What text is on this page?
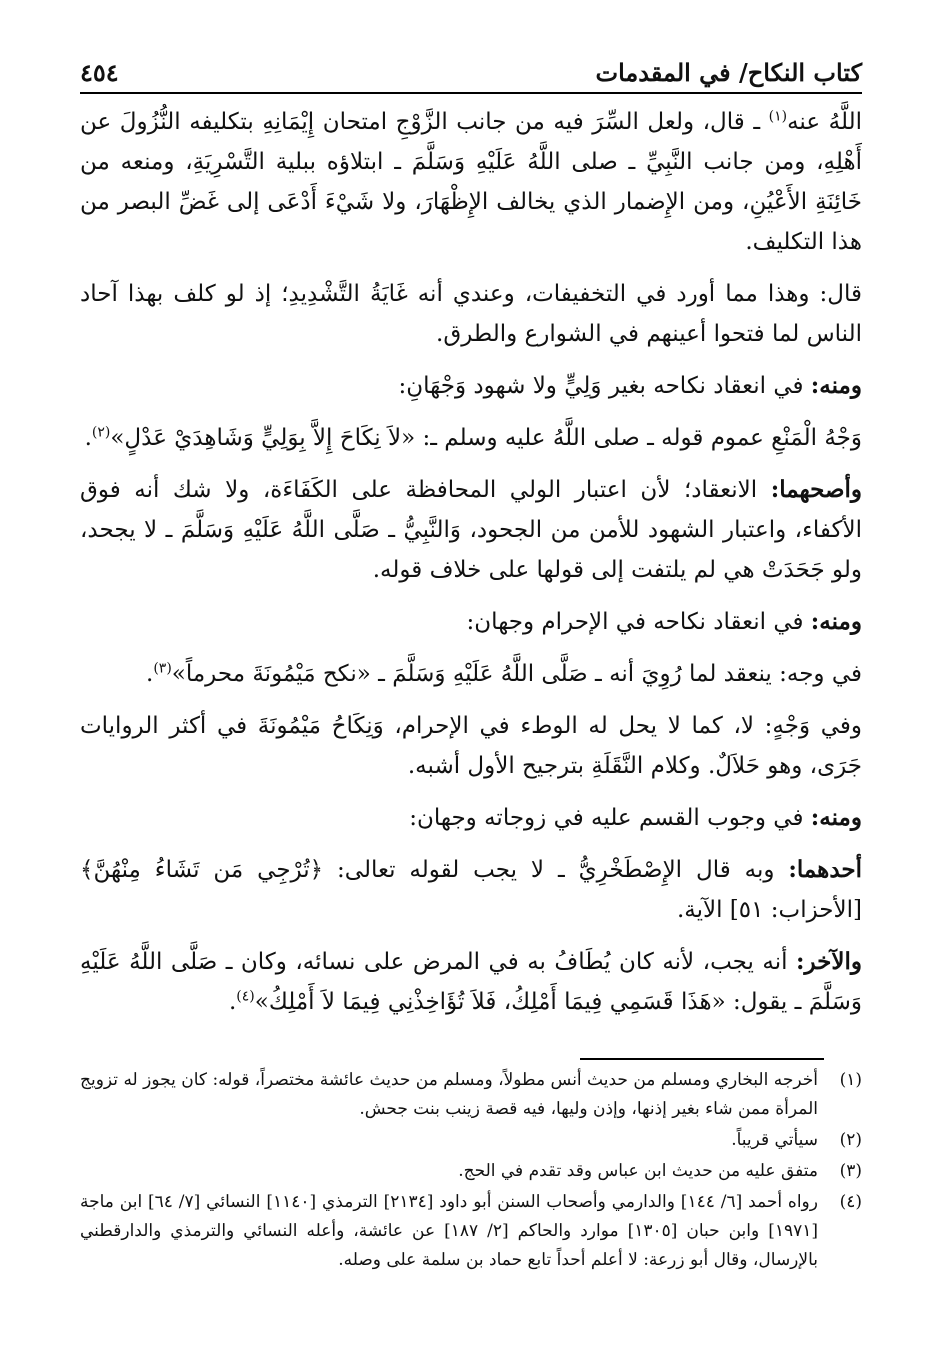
كتاب النكاح/ في المقدمات
٤٥٤

اللَّهُ عنه$^{(١)}$ ـ قال، ولعل السِّرَ فيه من جانب الزَّوْجِ امتحان إِيْمَانِهِ بتكليفه النُّزُولَ عن أَهْلِهِ، ومن جانب النَّبِيِّ ـ صلى اللَّهُ عَلَيْهِ وَسَلَّمَ ـ ابتلاؤه ببلية التَّسْرِيَةِ، ومنعه من خَائِنَةِ الأَعْيُنِ، ومن الإِضمار الذي يخالف الإِظْهَارَ، ولا شَيْءَ أَدْعَى إلى غَضِّ البصر من هذا التكليف.

قال: وهذا مما أورد في التخفيفات، وعندي أنه غَايَةُ التَّشْدِيدِ؛ إذ لو كلف بهذا آحاد الناس لما فتحوا أعينهم في الشوارع والطرق.

ومنه: في انعقاد نكاحه بغير وَلِيٍّ ولا شهود وَجْهَانِ:

وَجْهُ الْمَنْعِ عموم قوله ـ صلى اللَّهُ عليه وسلم ـ: «لاَ نِكَاحَ إِلاَّ بِوَلِيٍّ وَشَاهِدَيْ عَدْلٍ»$^{(٢)}$.

وأصحهما: الانعقاد؛ لأن اعتبار الولي المحافظة على الكَفَاءَة، ولا شك أنه فوق الأكفاء، واعتبار الشهود للأمن من الجحود، وَالنَّبِيُّ ـ صَلَّى اللَّهُ عَلَيْهِ وَسَلَّمَ ـ لا يجحد، ولو جَحَدَتْ هي لم يلتفت إلى قولها على خلاف قوله.

ومنه: في انعقاد نكاحه في الإحرام وجهان:

في وجه: ينعقد لما رُوِيَ أنه ـ صَلَّى اللَّهُ عَلَيْهِ وَسَلَّمَ ـ «نكح مَيْمُونَةَ محرماً»$^{(٣)}$.

وفي وَجْهٍ: لا، كما لا يحل له الوطء في الإحرام، وَنِكَاحُ مَيْمُونَةَ في أكثر الروايات جَرَى، وهو حَلاَلٌ. وكلام النَّقَلَةِ بترجيح الأول أشبه.

ومنه: في وجوب القسم عليه في زوجاته وجهان:

أحدهما: وبه قال الإِصْطَخْرِيُّ ـ لا يجب لقوله تعالى: ﴿تُرْجِي مَن تَشَاءُ مِنْهُنَّ﴾ [الأحزاب: ٥١] الآية.

والآخر: أنه يجب، لأنه كان يُطَافُ به في المرض على نسائه، وكان ـ صَلَّى اللَّهُ عَلَيْهِ وَسَلَّمَ ـ يقول: «هَذَا قَسَمِي فِيمَا أَمْلِكُ، فَلاَ تُؤَاخِذْنِي فِيمَا لاَ أَمْلِكُ»$^{(٤)}$.

(١)
أخرجه البخاري ومسلم من حديث أنس مطولاً، ومسلم من حديث عائشة مختصراً، قوله: كان يجوز له تزويج المرأة ممن شاء بغير إذنها، وإذن وليها، فيه قصة زينب بنت جحش.
(٢)
سيأتي قريباً.
(٣)
متفق عليه من حديث ابن عباس وقد تقدم في الحج.
(٤)
رواه أحمد [٦/ ١٤٤] والدارمي وأصحاب السنن أبو داود [٢١٣٤] الترمذي [١١٤٠] النسائي [٧/ ٦٤] ابن ماجة [١٩٧١] وابن حبان [١٣٠٥] موارد والحاكم [٢/ ١٨٧] عن عائشة، وأعله النسائي والترمذي والدارقطني بالإرسال، وقال أبو زرعة: لا أعلم أحداً تابع حماد بن سلمة على وصله.
